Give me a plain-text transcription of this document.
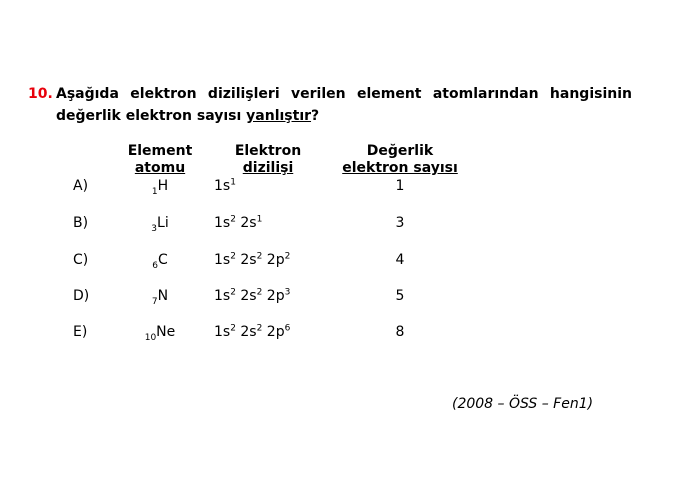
10. Aşağıda elektron dizilişleri verilen element atomlarından hangisinin
değerlik elektron sayısı yanlıştır?
Element
atomu
Elektron
dizilişi
Değerlik
elektron sayısı
A)	$_1$H	$1s^1$	1
B)	$_3$Li	$1s^2$ $2s^1$	3
C)	$_6$C	$1s^2$ $2s^2$ $2p^2$	4
D)	$_7$N	$1s^2$ $2s^2$ $2p^3$	5
E)	$_{10}$Ne	$1s^2$ $2s^2$ $2p^6$	8
(2008 – ÖSS – Fen1)
